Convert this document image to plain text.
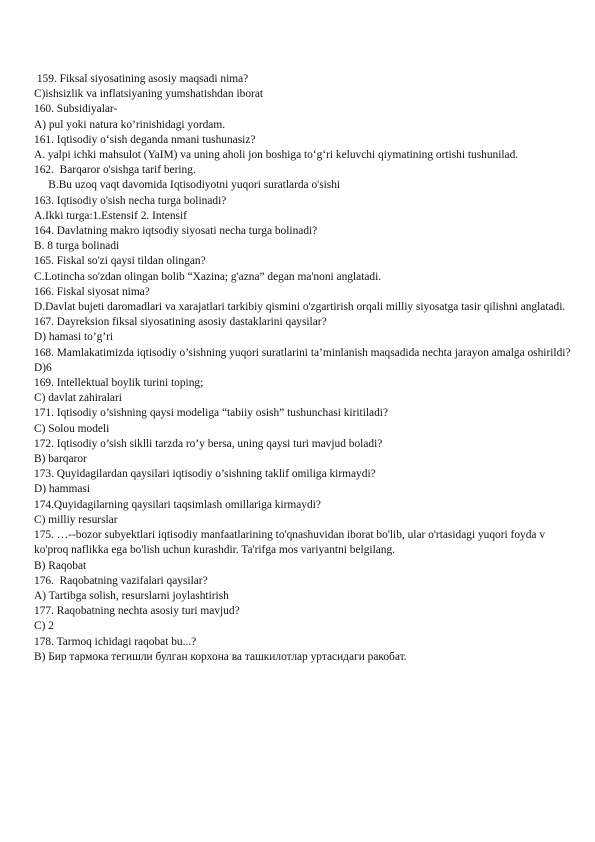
159. Fiksal siyosatining asosiy maqsadi nima?

C)ishsizlik va inflatsiyaning yumshatishdan iborat

160. Subsidiyalar-

A) pul yoki natura ko’rinishidagi yordam.

161. Iqtisodiy o‘sish deganda nmani tushunasiz?

A. yalpi ichki mahsulot (YaIM) va uning aholi jon boshiga to‘g‘ri keluvchi qiymatining ortishi tushunilad.

162.  Barqaror o'sishga tarif bering.

B.Bu uzoq vaqt davomida Iqtisodiyotni yuqori suratlarda o'sishi

163. Iqtisodiy o'sish necha turga bolinadi?

A.Ikki turga:1.Estensif 2. Intensif

164. Davlatning makro iqtsodiy siyosati necha turga bolinadi?

B. 8 turga bolinadi

165. Fiskal so'zi qaysi tildan olingan?

C.Lotincha so'zdan olingan bolib “Xazina; g'azna” degan ma'noni anglatadi.

166. Fiskal siyosat nima?

D.Davlat bujeti daromadlari va xarajatlari tarkibiy qismini o'zgartirish orqali milliy siyosatga tasir qilishni anglatadi.

167. Dayreksion fiksal siyosatining asosiy dastaklarini qaysilar?

D) hamasi to’g’ri

168. Mamlakatimizda iqtisodiy o’sishning yuqori suratlarini ta’minlanish maqsadida nechta jarayon amalga oshirildi?

D)6

169. Intellektual boylik turini toping;

C) davlat zahiralari

171. Iqtisodiy o’sishning qaysi modeliga “tabiiy osish” tushunchasi kiritiladi?

C) Solou modeli

172. Iqtisodiy o’sish siklli tarzda ro’y bersa, uning qaysi turi mavjud boladi?

B) barqaror

173. Quyidagilardan qaysilari iqtisodiy o’sishning taklif omiliga kirmaydi?

D) hammasi

174.Quyidagilarning qaysilari taqsimlash omillariga kirmaydi?

C) milliy resurslar

175. …--bozor subyektlari iqtisodiy manfaatlarining to'qnashuvidan iborat bo'lib, ular o'rtasidagi yuqori foyda v ko'proq naflikka ega bo'lish uchun kurashdir. Ta'rifga mos variyantni belgilang.

B) Raqobat

176.  Raqobatning vazifalari qaysilar?

A) Tartibga solish, resurslarni joylashtirish

177. Raqobatning nechta asosiy turi mavjud?

C) 2

178. Tarmoq ichidagi raqobat bu...?

B) Бир тармока тегишли булган корхона ва ташкилотлар уртасидаги ракобат.
